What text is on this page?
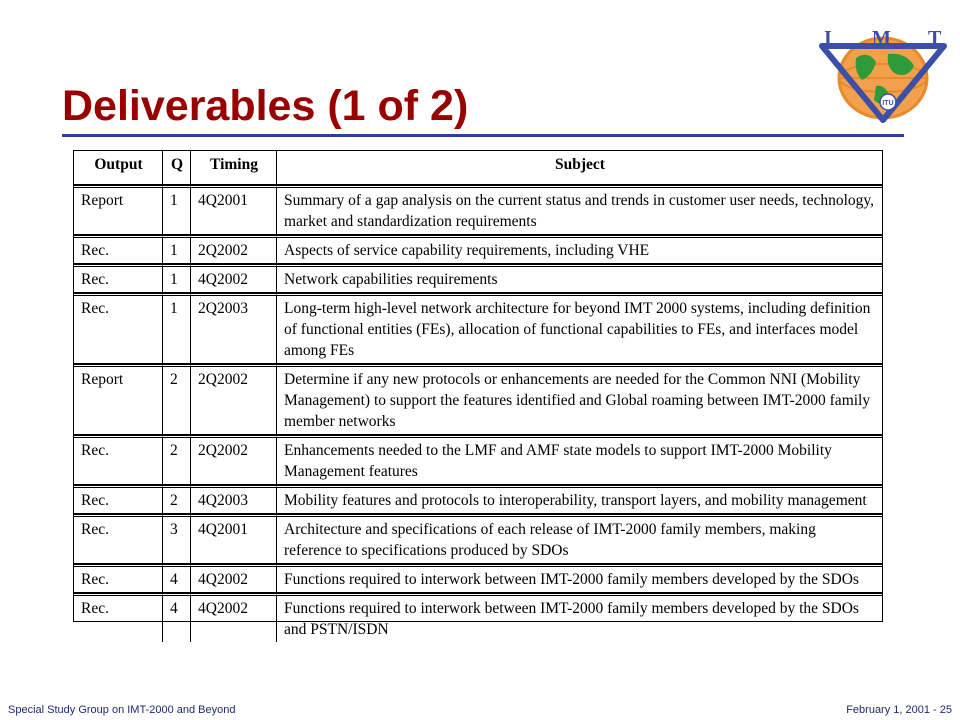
Deliverables (1 of 2)
I M T
ITU
Output	Q	Timing	Subject
Report	1	4Q2001	Summary of a gap analysis on the current status and trends in customer user needs, technology, market and standardization requirements
Rec.	1	2Q2002	Aspects of service capability requirements, including VHE
Rec.	1	4Q2002	Network capabilities requirements
Rec.	1	2Q2003	Long-term high-level network architecture for beyond IMT 2000 systems, including definition of functional entities (FEs), allocation of functional capabilities to FEs, and interfaces model among FEs
Report	2	2Q2002	Determine if any new protocols or enhancements are needed for the Common NNI (Mobility Management) to support the features identified and Global roaming between IMT-2000 family member networks
Rec.	2	2Q2002	Enhancements needed to the LMF and AMF state models to support IMT-2000 Mobility Management features
Rec.	2	4Q2003	Mobility features and protocols to interoperability, transport layers, and mobility management
Rec.	3	4Q2001	Architecture and specifications of each release of IMT-2000 family members, making reference to specifications produced by SDOs
Rec.	4	4Q2002	Functions required to interwork between IMT-2000 family members developed by the SDOs
Rec.	4	4Q2002	Functions required to interwork between IMT-2000 family members developed by the SDOs and PSTN/ISDN
Special Study Group on IMT-2000 and Beyond	February 1, 2001 - 25
